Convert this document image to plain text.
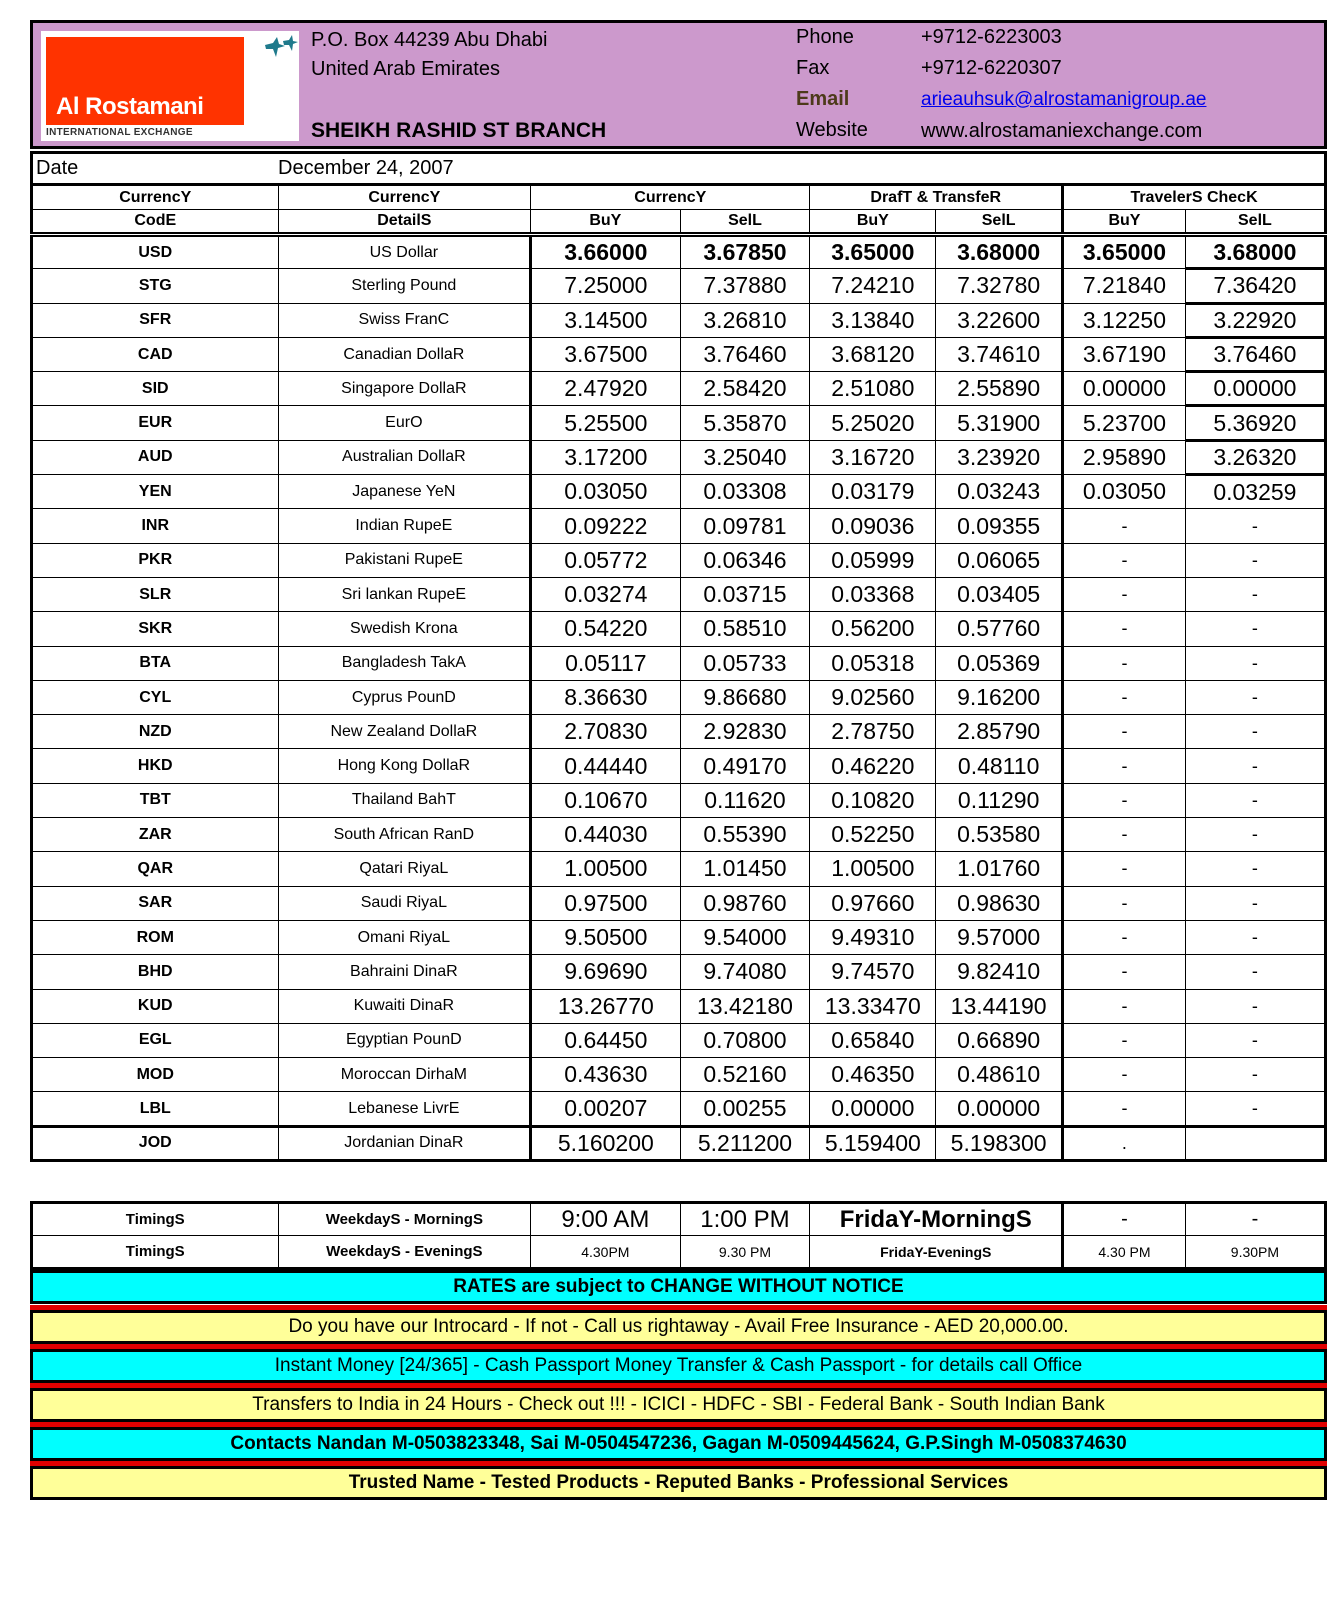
Al Rostamani
INTERNATIONAL EXCHANGE
P.O. Box 44239 Abu Dhabi
United Arab Emirates
SHEIKH RASHID ST BRANCH
Phone	+9712-6223003
Fax	+9712-6220307
Email	arieauhsuk@alrostamanigroup.ae
Website	www.alrostamaniexchange.com
Date December 24, 2007							

CurrencY	CurrencY	CurrencY		DrafT & TransfeR		TravelerS ChecK	
CodE	DetailS	BuY	SelL	BuY	SelL	BuY	SelL
USD	US Dollar	3.66000	3.67850	3.65000	3.68000	3.65000	3.68000
STG	Sterling Pound	7.25000	7.37880	7.24210	7.32780	7.21840	7.36420
SFR	Swiss FranC	3.14500	3.26810	3.13840	3.22600	3.12250	3.22920
CAD	Canadian DollaR	3.67500	3.76460	3.68120	3.74610	3.67190	3.76460
SID	Singapore DollaR	2.47920	2.58420	2.51080	2.55890	0.00000	0.00000
EUR	EurO	5.25500	5.35870	5.25020	5.31900	5.23700	5.36920
AUD	Australian DollaR	3.17200	3.25040	3.16720	3.23920	2.95890	3.26320
YEN	Japanese YeN	0.03050	0.03308	0.03179	0.03243	0.03050	0.03259
INR	Indian RupeE	0.09222	0.09781	0.09036	0.09355	-	-
PKR	Pakistani RupeE	0.05772	0.06346	0.05999	0.06065	-	-
SLR	Sri lankan RupeE	0.03274	0.03715	0.03368	0.03405	-	-
SKR	Swedish Krona	0.54220	0.58510	0.56200	0.57760	-	-
BTA	Bangladesh TakA	0.05117	0.05733	0.05318	0.05369	-	-
CYL	Cyprus PounD	8.36630	9.86680	9.02560	9.16200	-	-
NZD	New Zealand DollaR	2.70830	2.92830	2.78750	2.85790	-	-
HKD	Hong Kong DollaR	0.44440	0.49170	0.46220	0.48110	-	-
TBT	Thailand BahT	0.10670	0.11620	0.10820	0.11290	-	-
ZAR	South African RanD	0.44030	0.55390	0.52250	0.53580	-	-
QAR	Qatari RiyaL	1.00500	1.01450	1.00500	1.01760	-	-
SAR	Saudi RiyaL	0.97500	0.98760	0.97660	0.98630	-	-
ROM	Omani RiyaL	9.50500	9.54000	9.49310	9.57000	-	-
BHD	Bahraini DinaR	9.69690	9.74080	9.74570	9.82410	-	-
KUD	Kuwaiti DinaR	13.26770	13.42180	13.33470	13.44190	-	-
EGL	Egyptian PounD	0.64450	0.70800	0.65840	0.66890	-	-
MOD	Moroccan DirhaM	0.43630	0.52160	0.46350	0.48610	-	-
LBL	Lebanese LivrE	0.00207	0.00255	0.00000	0.00000	-	-
JOD	Jordanian DinaR	5.160200	5.211200	5.159400	5.198300	.	
TimingS	WeekdayS - MorningS	9:00 AM	1:00 PM	FridaY-MorningS	-	-
TimingS	WeekdayS - EveningS	4.30PM	9.30 PM	FridaY-EveningS	4.30 PM	9.30PM
RATES are subject to CHANGE WITHOUT NOTICE
Do you have our Introcard - If not - Call us rightaway - Avail Free Insurance - AED 20,000.00.
Instant Money [24/365] - Cash Passport Money Transfer & Cash Passport - for details call Office
Transfers to India in 24 Hours - Check out !!! - ICICI - HDFC - SBI - Federal Bank - South Indian Bank
Contacts Nandan M-0503823348, Sai M-0504547236, Gagan M-0509445624, G.P.Singh M-0508374630
Trusted Name - Tested Products - Reputed Banks - Professional Services
